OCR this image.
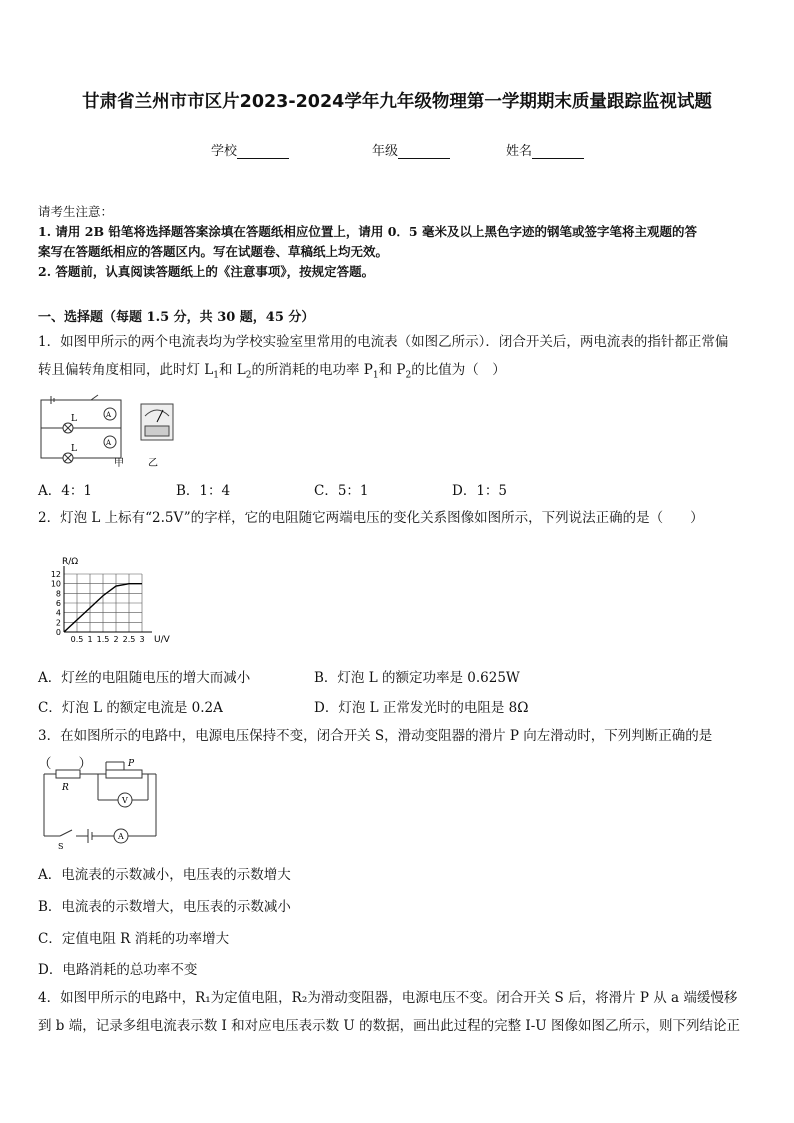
甘肃省兰州市市区片2023-2024学年九年级物理第一学期期末质量跟踪监视试题
学校	年级	姓名
请考生注意：
1. 请用 2B 铅笔将选择题答案涂填在答题纸相应位置上，请用 0．5 毫米及以上黑色字迹的钢笔或签字笔将主观题的答
案写在答题纸相应的答题区内。写在试题卷、草稿纸上均无效。
2. 答题前，认真阅读答题纸上的《注意事项》，按规定答题。
一、选择题（每题 1.5 分，共 30 题，45 分）
1．如图甲所示的两个电流表均为学校实验室里常用的电流表（如图乙所示）．闭合开关后，两电流表的指针都正常偏
转且偏转角度相同，此时灯 $L_1$和 $L_2$的所消耗的电功率 $P_1$和 $P_2$的比值为（　）
L
L
A
A
甲 乙
A．4：1	B．1：4	C．5：1	D．1：5
2．灯泡 L 上标有“2.5V”的字样，它的电阻随它两端电压的变化关系图像如图所示，下列说法正确的是（　　）
0
2
4
6
8
10
12
0.5 1 1.5 2 2.5 3 U/V
R/Ω
A．灯丝的电阻随电压的增大而减小	B．灯泡 L 的额定功率是 0.625W
C．灯泡 L 的额定电流是 0.2A	D．灯泡 L 正常发光时的电阻是 8Ω
3．在如图所示的电路中，电源电压保持不变，闭合开关 S，滑动变阻器的滑片 P 向左滑动时，下列判断正确的是（　　）	P
R
V
A
S
A．电流表的示数减小，电压表的示数增大
B．电流表的示数增大，电压表的示数减小
C．定值电阻 R 消耗的功率增大
D．电路消耗的总功率不变
4．如图甲所示的电路中，R₁为定值电阻，R₂为滑动变阻器，电源电压不变。闭合开关 S 后，将滑片 P 从 a 端缓慢移
到 b 端，记录多组电流表示数 I 和对应电压表示数 U 的数据，画出此过程的完整 I-U 图像如图乙所示，则下列结论正
